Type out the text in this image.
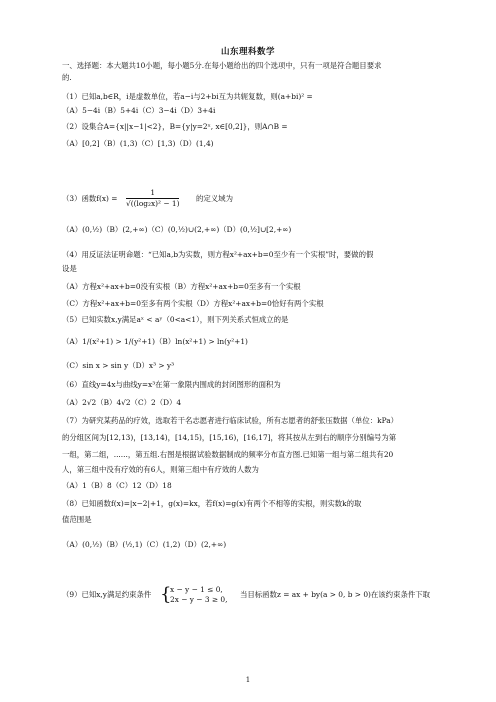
山东理科数学
一、选择题：本大题共10小题，每小题5分.在每小题给出的四个选项中，只有一项是符合题目要求
的.
（1）已知a,b∈R，i是虚数单位，若a−i与2+bi互为共轭复数，则(a+bi)² =
（A）5−4i（B）5+4i（C）3−4i（D）3+4i
（2）设集合A={x||x−1|<2}，B={y|y=2ˣ, x∈[0,2]}，则A∩B =
（A）[0,2]（B）(1,3)（C）[1,3)（D）(1,4)
（3）函数f(x) =	$\frac{1}{\text{√((log₂x)² − 1)}}$ 的定义域为
（A）(0,½)（B）(2,+∞)（C）(0,½)∪(2,+∞)（D）(0,½]∪[2,+∞)
（4）用反证法证明命题：“已知a,b为实数，则方程x²+ax+b=0至少有一个实根”时，要做的假
设是
（A）方程x²+ax+b=0没有实根（B）方程x²+ax+b=0至多有一个实根
（C）方程x²+ax+b=0至多有两个实根（D）方程x²+ax+b=0恰好有两个实根
（5）已知实数x,y满足aˣ < aʸ（0<a<1），则下列关系式恒成立的是
（A）1/(x²+1) > 1/(y²+1)（B）ln(x²+1) > ln(y²+1)
（C）sin x > sin y（D）x³ > y³
（6）直线y=4x与曲线y=x³在第一象限内围成的封闭图形的面积为
（A）2√2（B）4√2（C）2（D）4
（7）为研究某药品的疗效，选取若干名志愿者进行临床试验，所有志愿者的舒张压数据（单位：kPa）
的分组区间为[12,13)，[13,14)，[14,15)，[15,16)，[16,17]，将其按从左到右的顺序分别编号为第
一组，第二组，......，第五组.右图是根据试验数据制成的频率分布直方图.已知第一组与第二组共有20
人，第三组中没有疗效的有6人，则第三组中有疗效的人数为
（A）1（B）8（C）12（D）18
（8）已知函数f(x)=|x−2|+1，g(x)=kx，若f(x)=g(x)有两个不相等的实根，则实数k的取
值范围是
（A）(0,½)（B）(½,1)（C）(1,2)（D）(2,+∞)
（9）已知x,y满足约束条件 {
x − y − 1 ≤ 0,
2x − y − 3 ≥ 0,
当目标函数z = ax + by(a > 0, b > 0)在该约束条件下取
1
